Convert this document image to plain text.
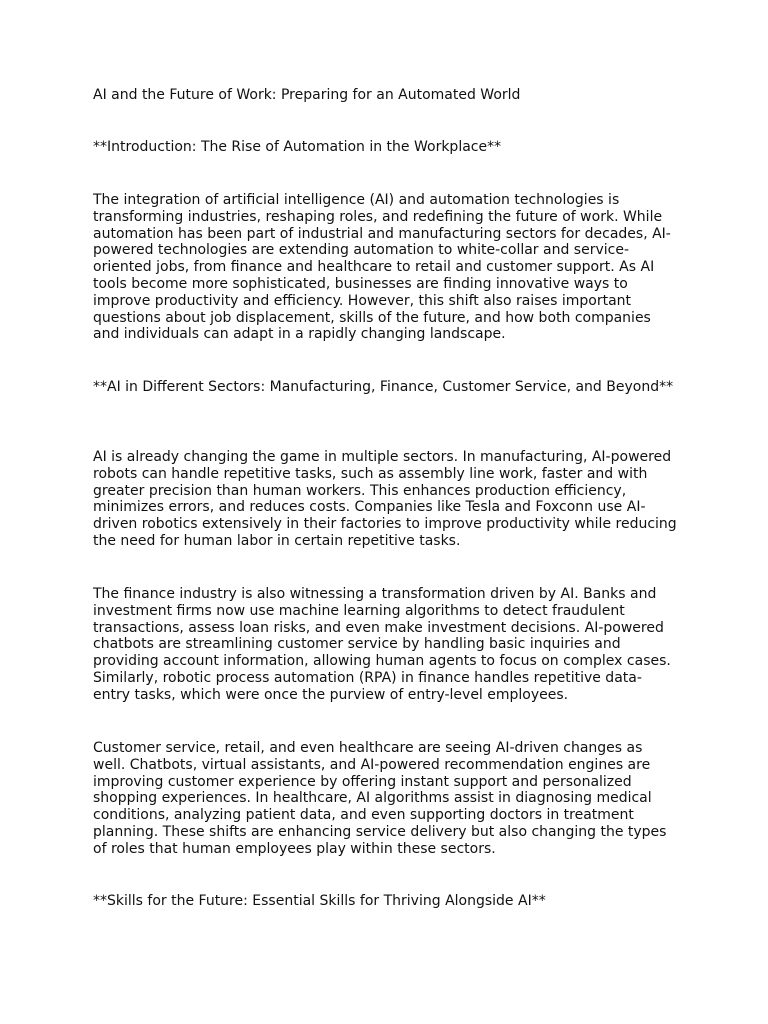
AI and the Future of Work: Preparing for an Automated World

**Introduction: The Rise of Automation in the Workplace**

The integration of artificial intelligence (AI) and automation technologies is transforming industries, reshaping roles, and redefining the future of work. While automation has been part of industrial and manufacturing sectors for decades, AI-powered technologies are extending automation to white-collar and service-oriented jobs, from finance and healthcare to retail and customer support. As AI tools become more sophisticated, businesses are finding innovative ways to improve productivity and efficiency. However, this shift also raises important questions about job displacement, skills of the future, and how both companies and individuals can adapt in a rapidly changing landscape.

**AI in Different Sectors: Manufacturing, Finance, Customer Service, and Beyond**

AI is already changing the game in multiple sectors. In manufacturing, AI-powered robots can handle repetitive tasks, such as assembly line work, faster and with greater precision than human workers. This enhances production efficiency, minimizes errors, and reduces costs. Companies like Tesla and Foxconn use AI-driven robotics extensively in their factories to improve productivity while reducing the need for human labor in certain repetitive tasks.

The finance industry is also witnessing a transformation driven by AI. Banks and investment firms now use machine learning algorithms to detect fraudulent transactions, assess loan risks, and even make investment decisions. AI-powered chatbots are streamlining customer service by handling basic inquiries and providing account information, allowing human agents to focus on complex cases. Similarly, robotic process automation (RPA) in finance handles repetitive data-entry tasks, which were once the purview of entry-level employees.

Customer service, retail, and even healthcare are seeing AI-driven changes as well. Chatbots, virtual assistants, and AI-powered recommendation engines are improving customer experience by offering instant support and personalized shopping experiences. In healthcare, AI algorithms assist in diagnosing medical conditions, analyzing patient data, and even supporting doctors in treatment planning. These shifts are enhancing service delivery but also changing the types of roles that human employees play within these sectors.

**Skills for the Future: Essential Skills for Thriving Alongside AI**
